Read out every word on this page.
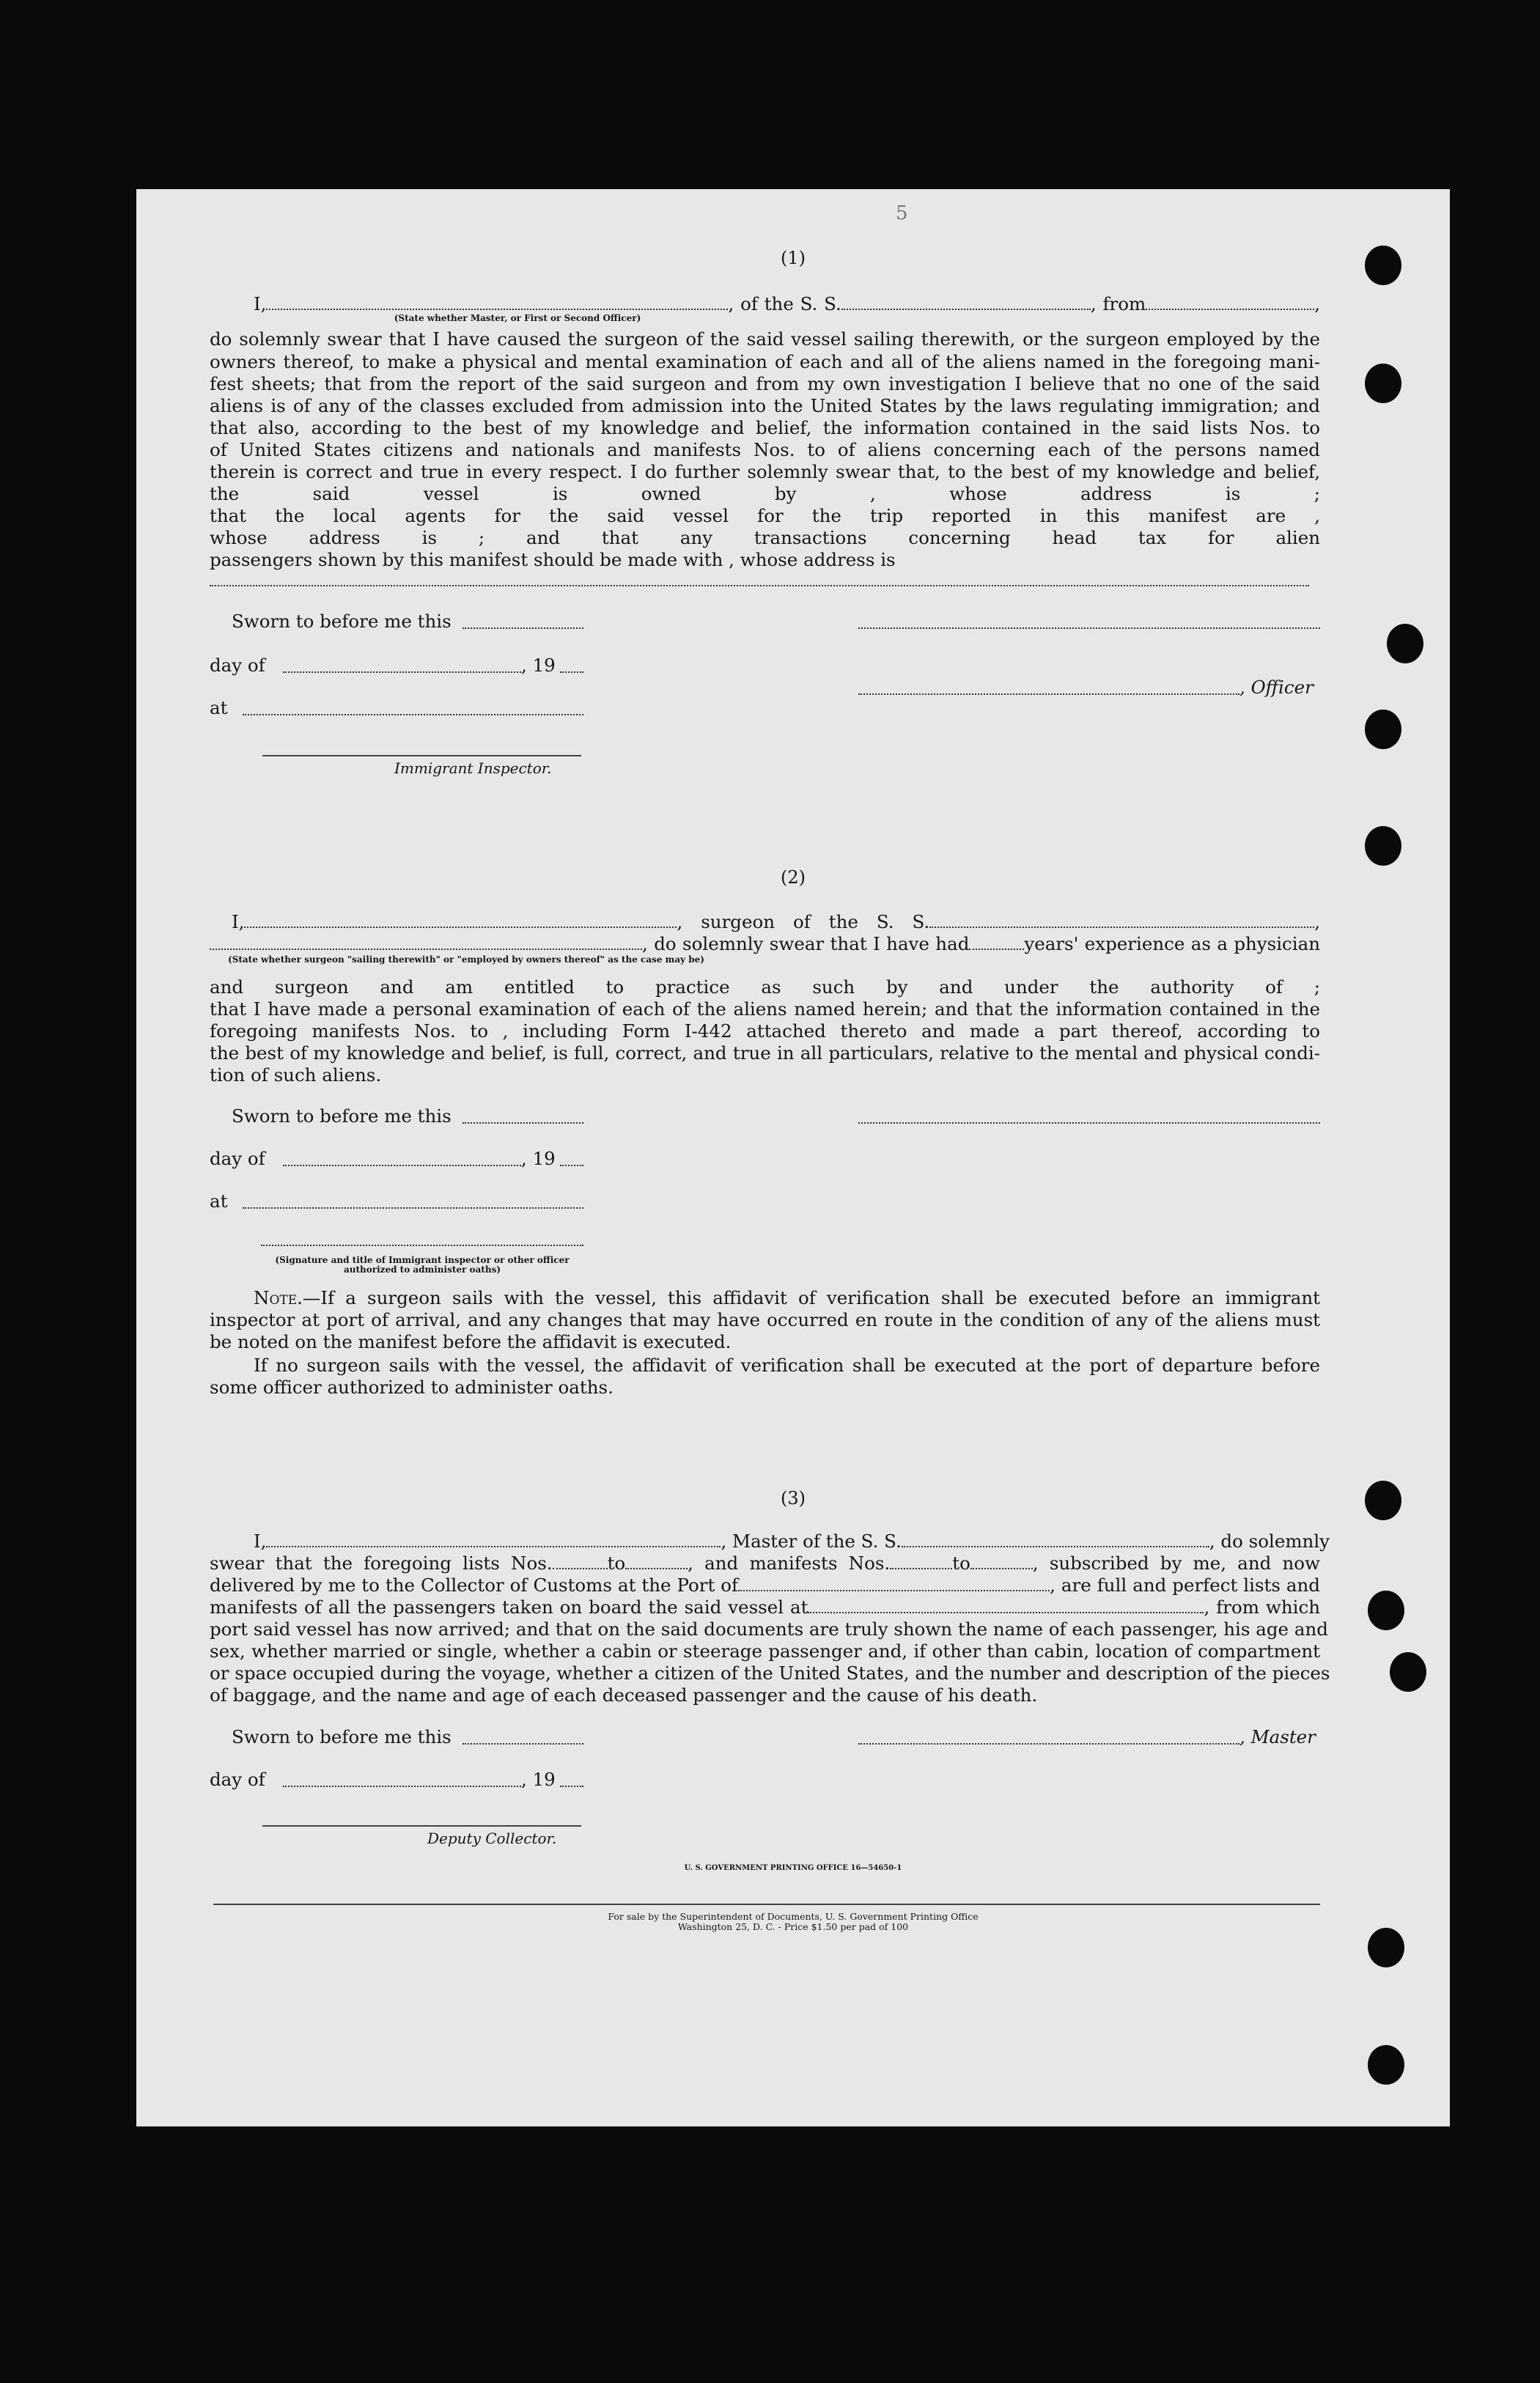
5
(1)
I,	, of the S. S.	, from	,
(State whether Master, or First or Second Officer)
do solemnly swear that I have caused the surgeon of the said vessel sailing therewith, or the surgeon employed by the
owners thereof, to make a physical and mental examination of each and all of the aliens named in the foregoing mani-
fest sheets; that from the report of the said surgeon and from my own investigation I believe that no one of the said
aliens is of any of the classes excluded from admission into the United States by the laws regulating immigration; and
that also, according to the best of my knowledge and belief, the information contained in the said lists Nos. to
of United States citizens and nationals and manifests Nos. to of aliens concerning each of the persons named
therein is correct and true in every respect. I do further solemnly swear that, to the best of my knowledge and belief,
the said vessel is owned by , whose address is ;
that the local agents for the said vessel for the trip reported in this manifest are ,
whose address is ; and that any transactions concerning head tax for alien
passengers shown by this manifest should be made with , whose address is
Sworn to before me this
day of	, 19
, Officer
at
Immigrant Inspector.
(2)
I,	, surgeon of the S. S.	,
, do solemnly swear that I have had	years' experience as a physician
(State whether surgeon "sailing therewith" or "employed by owners thereof" as the case may be)
and surgeon and am entitled to practice as such by and under the authority of ;
that I have made a personal examination of each of the aliens named herein; and that the information contained in the
foregoing manifests Nos. to , including Form I-442 attached thereto and made a part thereof, according to
the best of my knowledge and belief, is full, correct, and true in all particulars, relative to the mental and physical condi-
tion of such aliens.
Sworn to before me this
day of	, 19
at
(Signature and title of Immigrant inspector or other officer authorized to administer oaths)
Note.—If a surgeon sails with the vessel, this affidavit of verification shall be executed before an immigrant
inspector at port of arrival, and any changes that may have occurred en route in the condition of any of the aliens must
be noted on the manifest before the affidavit is executed.
If no surgeon sails with the vessel, the affidavit of verification shall be executed at the port of departure before
some officer authorized to administer oaths.
(3)
I,	, Master of the S. S.	, do solemnly
swear that the foregoing lists Nos.	to	, and manifests Nos.	to	, subscribed by me, and now
delivered by me to the Collector of Customs at the Port of	, are full and perfect lists and
manifests of all the passengers taken on board the said vessel at	, from which
port said vessel has now arrived; and that on the said documents are truly shown the name of each passenger, his age and
sex, whether married or single, whether a cabin or steerage passenger and, if other than cabin, location of compartment
or space occupied during the voyage, whether a citizen of the United States, and the number and description of the pieces
of baggage, and the name and age of each deceased passenger and the cause of his death.
Sworn to before me this	, Master
day of	, 19
Deputy Collector.
U. S. GOVERNMENT PRINTING OFFICE 16—54650-1
For sale by the Superintendent of Documents, U. S. Government Printing Office
Washington 25, D. C. - Price $1.50 per pad of 100
